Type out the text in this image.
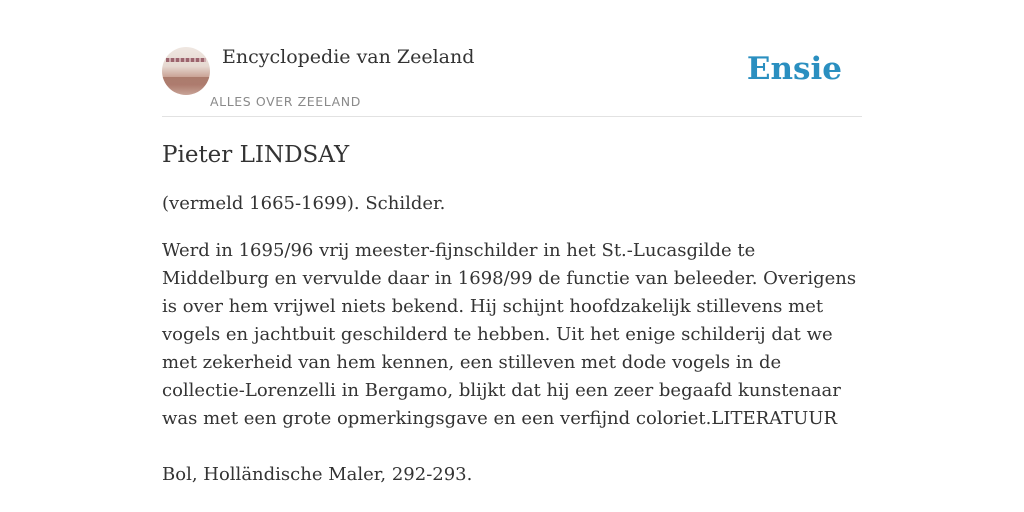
Encyclopedie van Zeeland
ALLES OVER ZEELAND
Ensie
Pieter LINDSAY

(vermeld 1665-1699). Schilder.

Werd in 1695/96 vrij meester-fijnschilder in het St.-Lucasgilde te Middelburg en vervulde daar in 1698/99 de functie van beleeder. Overigens is over hem vrijwel niets bekend. Hij schijnt hoofdzakelijk stillevens met vogels en jachtbuit geschilderd te hebben. Uit het enige schilderij dat we met zekerheid van hem kennen, een stilleven met dode vogels in de collectie-Lorenzelli in Bergamo, blijkt dat hij een zeer begaafd kunstenaar was met een grote opmerkingsgave en een verfijnd coloriet.LITERATUUR

Bol, Holländische Maler, 292-293.
